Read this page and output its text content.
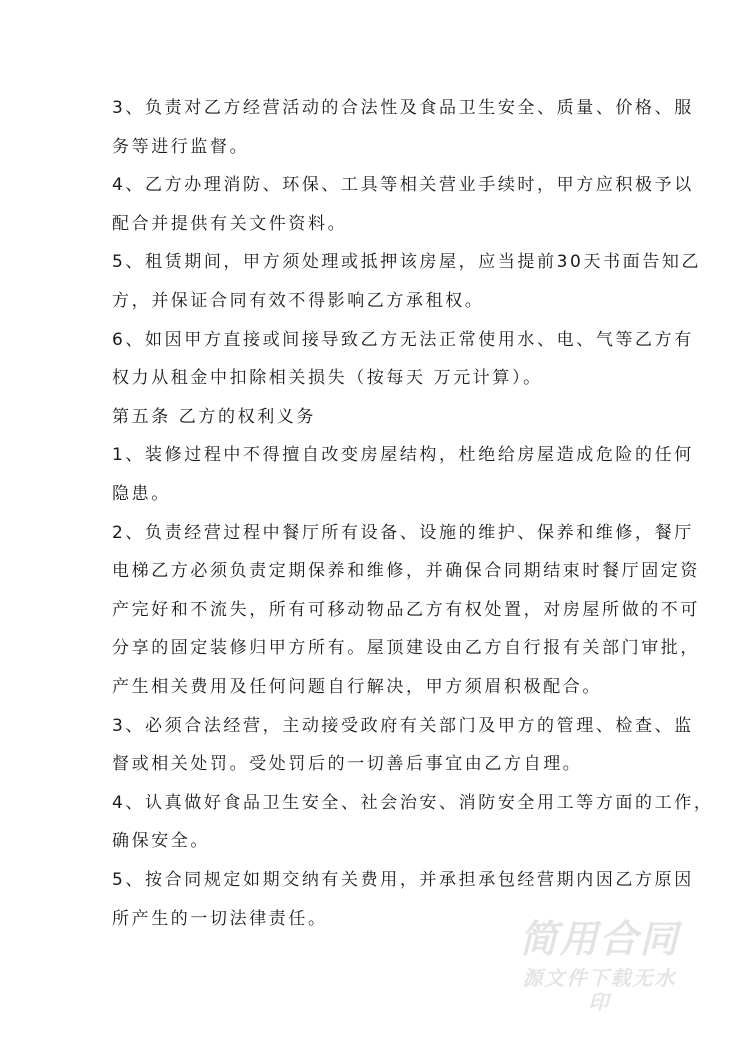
3、负责对乙方经营活动的合法性及食品卫生安全、质量、价格、服
务等进行监督。
4、乙方办理消防、环保、工具等相关营业手续时，甲方应积极予以
配合并提供有关文件资料。
5、租赁期间，甲方须处理或抵押该房屋，应当提前30天书面告知乙
方，并保证合同有效不得影响乙方承租权。
6、如因甲方直接或间接导致乙方无法正常使用水、电、气等乙方有
权力从租金中扣除相关损失（按每天 万元计算）。
第五条 乙方的权利义务
1、装修过程中不得擅自改变房屋结构，杜绝给房屋造成危险的任何
隐患。
2、负责经营过程中餐厅所有设备、设施的维护、保养和维修，餐厅
电梯乙方必须负责定期保养和维修，并确保合同期结束时餐厅固定资
产完好和不流失，所有可移动物品乙方有权处置，对房屋所做的不可
分享的固定装修归甲方所有。屋顶建设由乙方自行报有关部门审批，
产生相关费用及任何问题自行解决，甲方须眉积极配合。
3、必须合法经营，主动接受政府有关部门及甲方的管理、检查、监
督或相关处罚。受处罚后的一切善后事宜由乙方自理。
4、认真做好食品卫生安全、社会治安、消防安全用工等方面的工作，
确保安全。
5、按合同规定如期交纳有关费用，并承担承包经营期内因乙方原因
所产生的一切法律责任。	简用合同
源文件下载无水印
